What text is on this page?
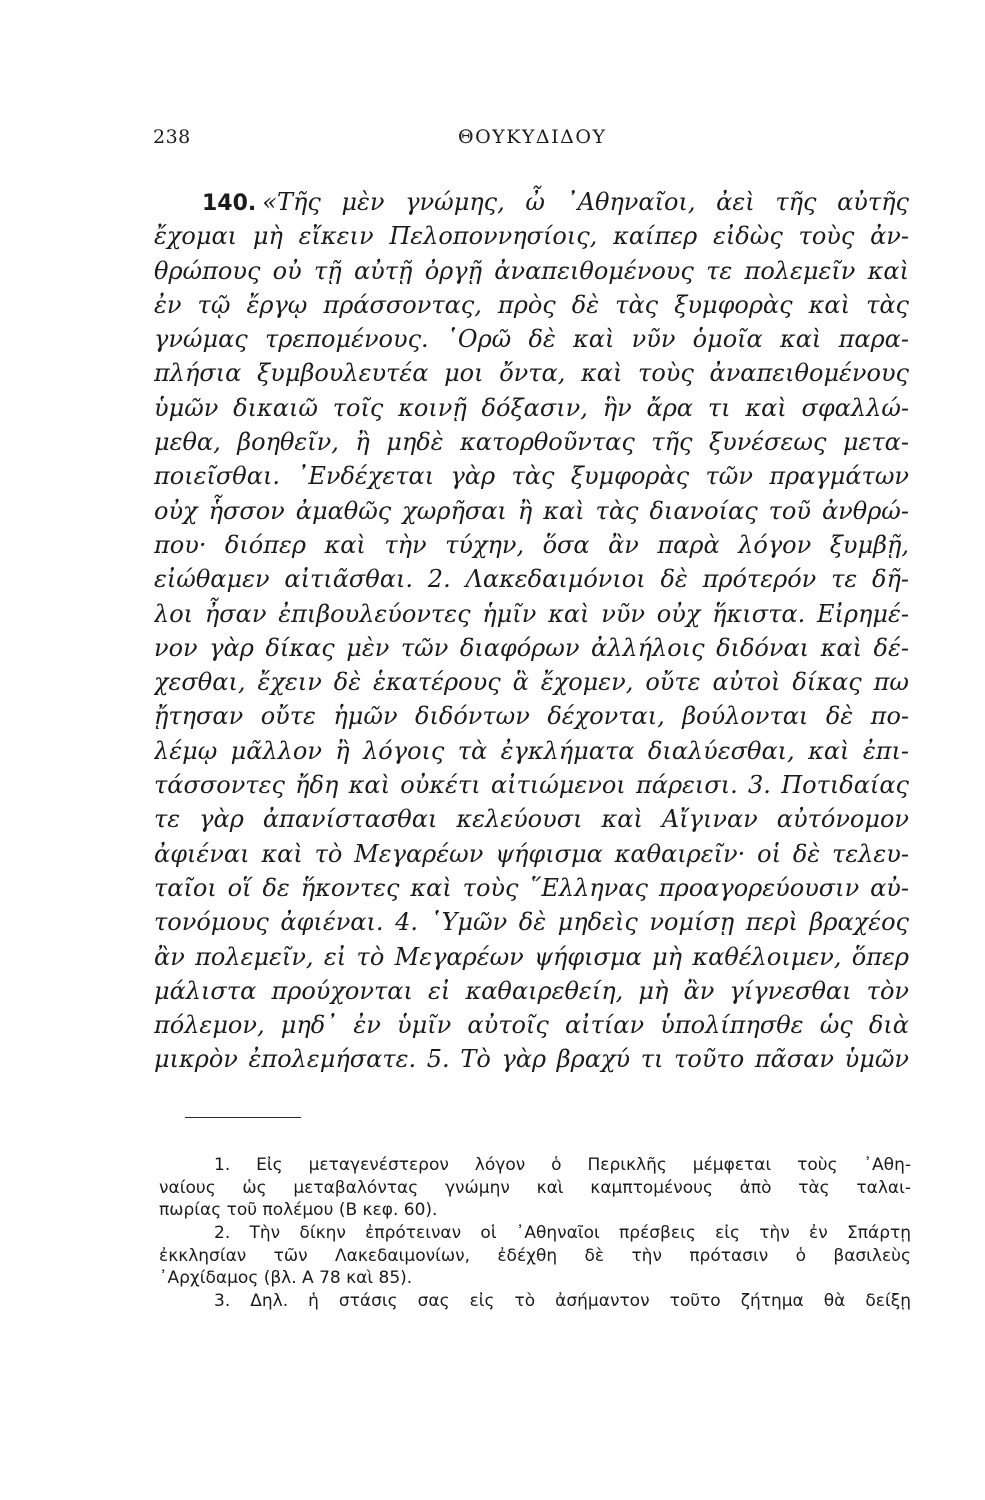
238	ΘΟΥΚΥΔΙΔΟΥ
140. «Τῆς μὲν γνώμης, ὦ ᾿Αθηναῖοι, ἀεὶ τῆς αὐτῆς
ἔχομαι μὴ εἴκειν Πελοποννησίοις, καίπερ εἰδὼς τοὺς ἀν-
θρώπους οὐ τῇ αὐτῇ ὀργῇ ἀναπειθομένους τε πολεμεῖν καὶ
ἐν τῷ ἔργῳ πράσσοντας, πρὸς δὲ τὰς ξυμφορὰς καὶ τὰς
γνώμας τρεπομένους. ῾Ορῶ δὲ καὶ νῦν ὁμοῖα καὶ παρα-
πλήσια ξυμβουλευτέα μοι ὄντα, καὶ τοὺς ἀναπειθομένους
ὑμῶν δικαιῶ τοῖς κοινῇ δόξασιν, ἣν ἄρα τι καὶ σφαλλώ-
μεθα, βοηθεῖν, ἢ μηδὲ κατορθοῦντας τῆς ξυνέσεως μετα-
ποιεῖσθαι. ᾿Ενδέχεται γὰρ τὰς ξυμφορὰς τῶν πραγμάτων
οὐχ ἧσσον ἀμαθῶς χωρῆσαι ἢ καὶ τὰς διανοίας τοῦ ἀνθρώ-
που· διόπερ καὶ τὴν τύχην, ὅσα ἂν παρὰ λόγον ξυμβῇ,
εἰώθαμεν αἰτιᾶσθαι. 2. Λακεδαιμόνιοι δὲ πρότερόν τε δῆ-
λοι ἦσαν ἐπιβουλεύοντες ἡμῖν καὶ νῦν οὐχ ἥκιστα. Εἰρημέ-
νον γὰρ δίκας μὲν τῶν διαφόρων ἀλλήλοις διδόναι καὶ δέ-
χεσθαι, ἔχειν δὲ ἑκατέρους ἃ ἔχομεν, οὔτε αὐτοὶ δίκας πω
ᾔτησαν οὔτε ἡμῶν διδόντων δέχονται, βούλονται δὲ πο-
λέμῳ μᾶλλον ἢ λόγοις τὰ ἐγκλήματα διαλύεσθαι, καὶ ἐπι-
τάσσοντες ἤδη καὶ οὐκέτι αἰτιώμενοι πάρεισι. 3. Ποτιδαίας
τε γὰρ ἀπανίστασθαι κελεύουσι καὶ Αἴγιναν αὐτόνομον
ἀφιέναι καὶ τὸ Μεγαρέων ψήφισμα καθαιρεῖν· οἱ δὲ τελευ-
ταῖοι οἵ δε ἥκοντες καὶ τοὺς ῞Ελληνας προαγορεύουσιν αὐ-
τονόμους ἀφιέναι. 4. ῾Υμῶν δὲ μηδεὶς νομίσῃ περὶ βραχέος
ἂν πολεμεῖν, εἰ τὸ Μεγαρέων ψήφισμα μὴ καθέλοιμεν, ὅπερ
μάλιστα προύχονται εἰ καθαιρεθείη, μὴ ἂν γίγνεσθαι τὸν
πόλεμον, μηδ᾽ ἐν ὑμῖν αὐτοῖς αἰτίαν ὑπολίπησθε ὡς διὰ
μικρὸν ἐπολεμήσατε. 5. Τὸ γὰρ βραχύ τι τοῦτο πᾶσαν ὑμῶν
1. Εἰς μεταγενέστερον λόγον ὁ Περικλῆς μέμφεται τοὺς ᾿Αθη-
ναίους ὡς μεταβαλόντας γνώμην καὶ καμπτομένους ἀπὸ τὰς ταλαι-
πωρίας τοῦ πολέμου (Β κεφ. 60).
2. Τὴν δίκην ἐπρότειναν οἱ ᾿Αθηναῖοι πρέσβεις εἰς τὴν ἐν Σπάρτῃ
ἐκκλησίαν τῶν Λακεδαιμονίων, ἐδέχθη δὲ τὴν πρότασιν ὁ βασιλεὺς
᾿Αρχίδαμος (βλ. Α 78 καὶ 85).
3. Δηλ. ἡ στάσις σας εἰς τὸ ἀσήμαντον τοῦτο ζήτημα θὰ δείξῃ
